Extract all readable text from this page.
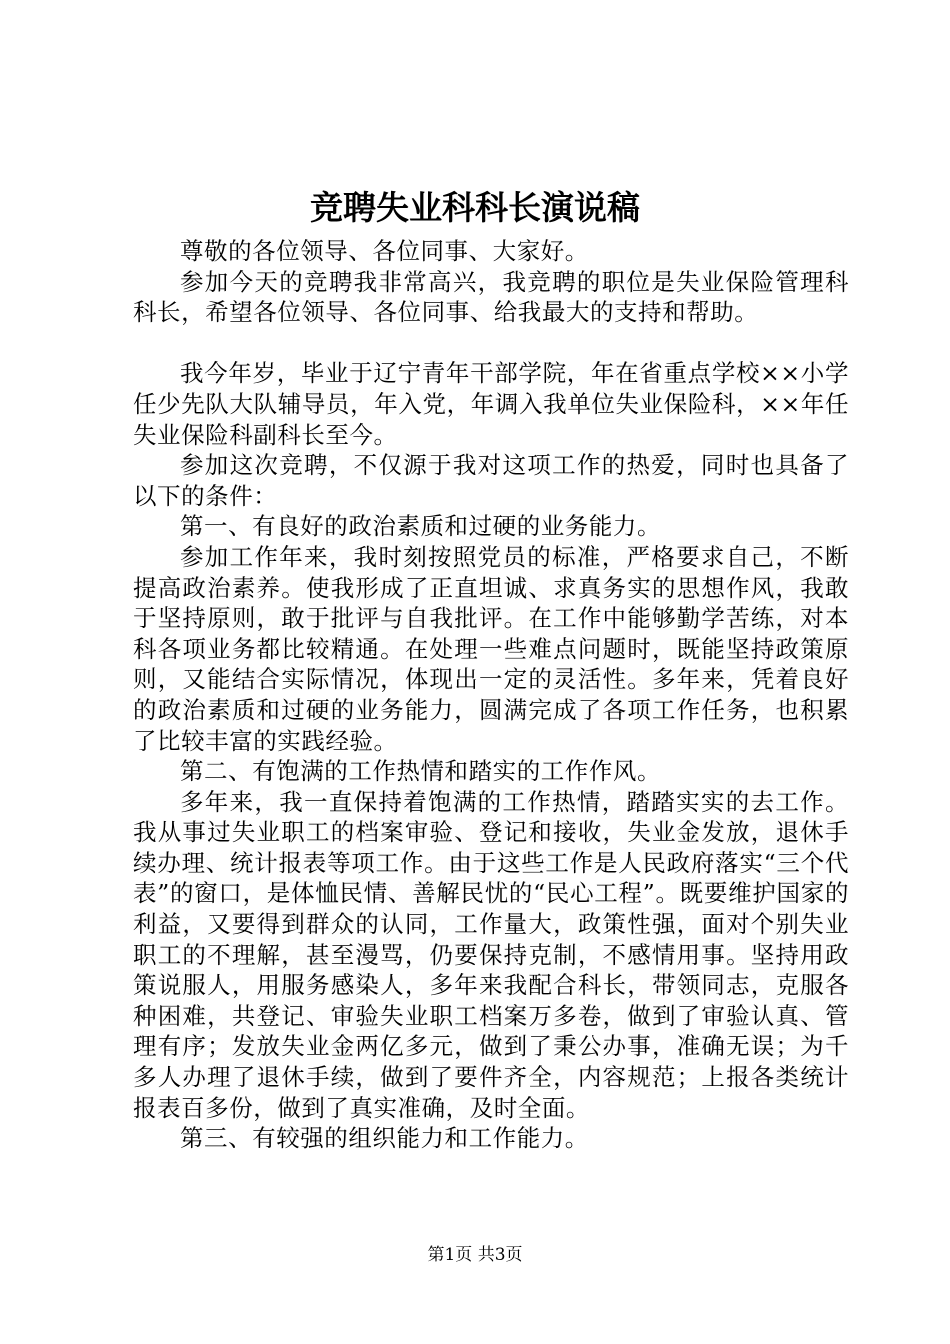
竞聘失业科科长演说稿

尊敬的各位领导、各位同事、大家好。

参加今天的竞聘我非常高兴，我竞聘的职位是失业保险管理科科长，希望各位领导、各位同事、给我最大的支持和帮助。

我今年岁，毕业于辽宁青年干部学院，年在省重点学校××小学任少先队大队辅导员，年入党，年调入我单位失业保险科，××年任失业保险科副科长至今。

参加这次竞聘，不仅源于我对这项工作的热爱，同时也具备了以下的条件：

第一、有良好的政治素质和过硬的业务能力。

参加工作年来，我时刻按照党员的标准，严格要求自己，不断提高政治素养。使我形成了正直坦诚、求真务实的思想作风，我敢于坚持原则，敢于批评与自我批评。在工作中能够勤学苦练，对本科各项业务都比较精通。在处理一些难点问题时，既能坚持政策原则，又能结合实际情况，体现出一定的灵活性。多年来，凭着良好的政治素质和过硬的业务能力，圆满完成了各项工作任务，也积累了比较丰富的实践经验。

第二、有饱满的工作热情和踏实的工作作风。

多年来，我一直保持着饱满的工作热情，踏踏实实的去工作。我从事过失业职工的档案审验、登记和接收，失业金发放，退休手续办理、统计报表等项工作。由于这些工作是人民政府落实“三个代表”的窗口，是体恤民情、善解民忧的“民心工程”。既要维护国家的利益，又要得到群众的认同，工作量大，政策性强，面对个别失业职工的不理解，甚至漫骂，仍要保持克制，不感情用事。坚持用政策说服人，用服务感染人，多年来我配合科长，带领同志，克服各种困难，共登记、审验失业职工档案万多卷，做到了审验认真、管理有序；发放失业金两亿多元，做到了秉公办事，准确无误；为千多人办理了退休手续，做到了要件齐全，内容规范；上报各类统计报表百多份，做到了真实准确，及时全面。

第三、有较强的组织能力和工作能力。

第1页 共3页
